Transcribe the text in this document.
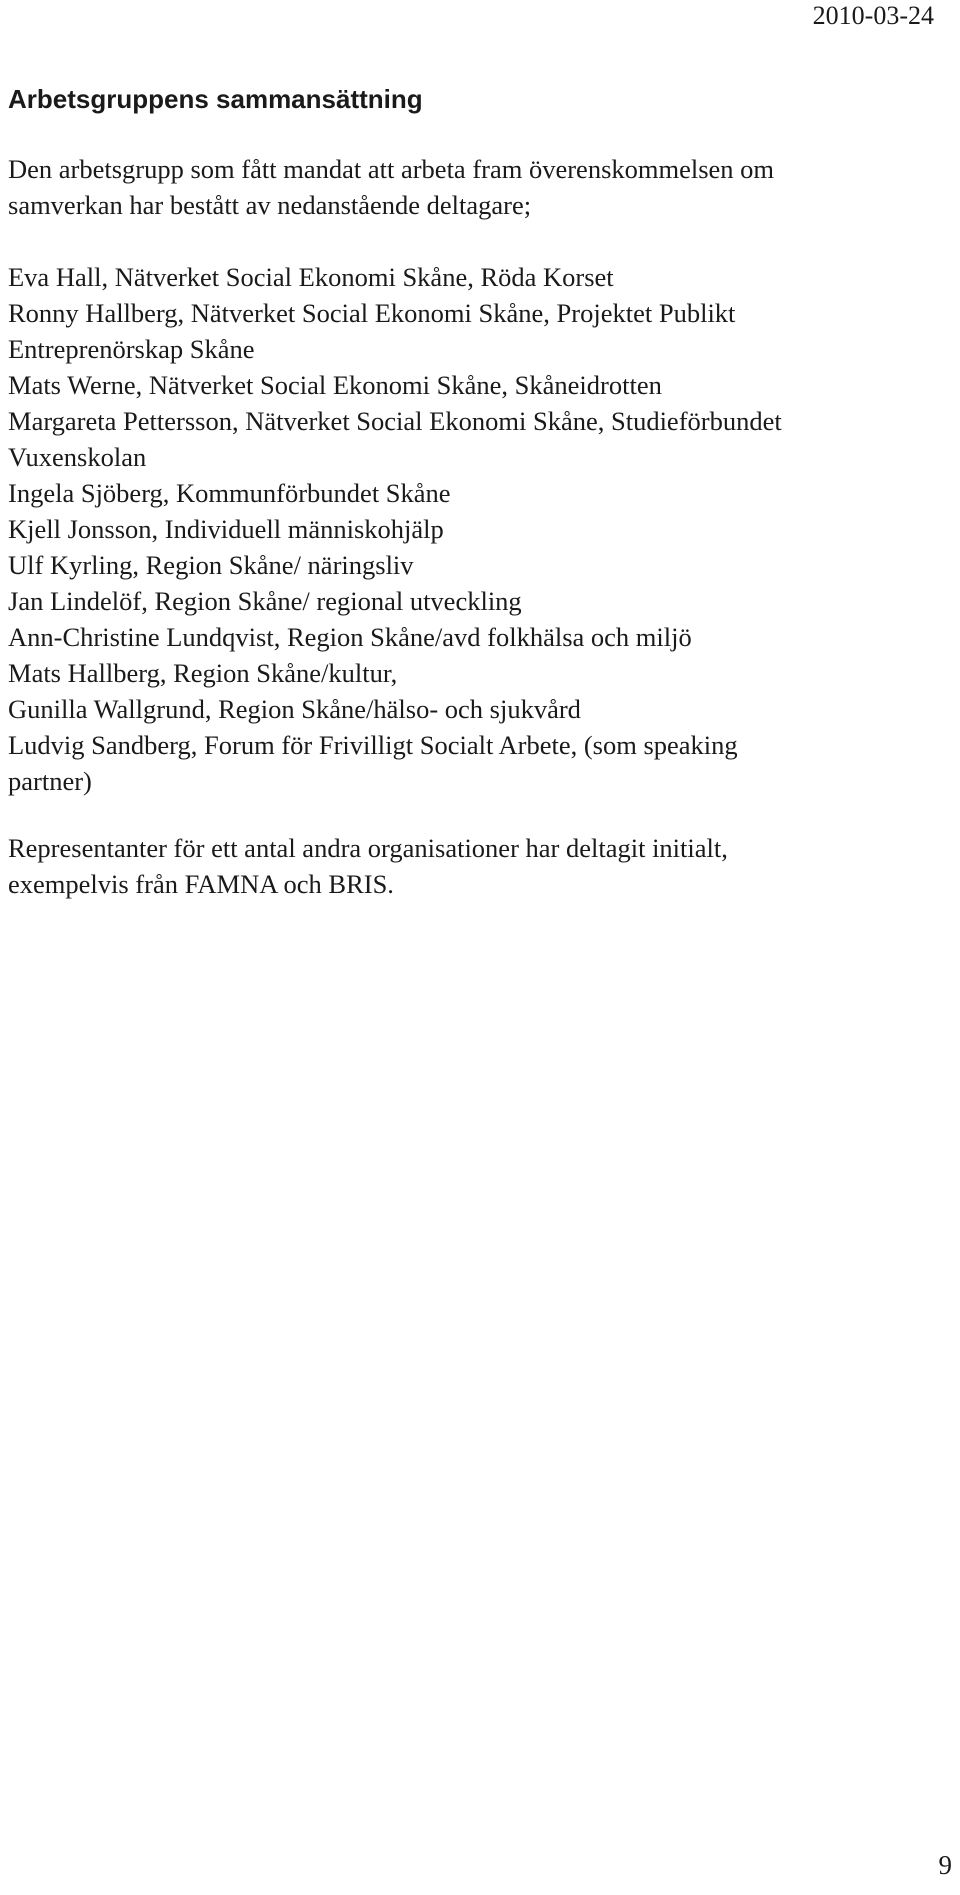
2010-03-24
Arbetsgruppens sammansättning

Den arbetsgrupp som fått mandat att arbeta fram överenskommelsen om
samverkan har bestått av nedanstående deltagare;

Eva Hall, Nätverket Social Ekonomi Skåne, Röda Korset
Ronny Hallberg, Nätverket Social Ekonomi Skåne, Projektet Publikt
Entreprenörskap Skåne
Mats Werne, Nätverket Social Ekonomi Skåne, Skåneidrotten
Margareta Pettersson, Nätverket Social Ekonomi Skåne, Studieförbundet
Vuxenskolan
Ingela Sjöberg, Kommunförbundet Skåne
Kjell Jonsson, Individuell människohjälp
Ulf Kyrling, Region Skåne/ näringsliv
Jan Lindelöf, Region Skåne/ regional utveckling
Ann-Christine Lundqvist, Region Skåne/avd folkhälsa och miljö
Mats Hallberg, Region Skåne/kultur,
Gunilla Wallgrund, Region Skåne/hälso- och sjukvård
Ludvig Sandberg, Forum för Frivilligt Socialt Arbete, (som speaking
partner)

Representanter för ett antal andra organisationer har deltagit initialt,
exempelvis från FAMNA och BRIS.

9
